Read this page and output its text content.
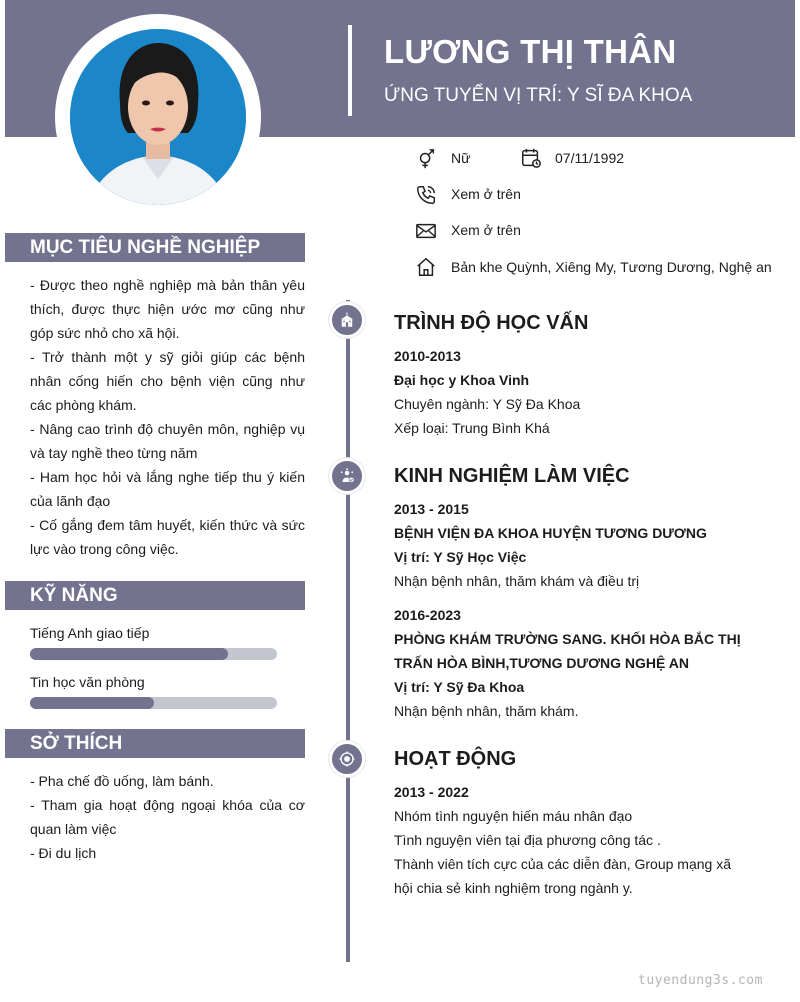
LƯƠNG THỊ THÂN
ỨNG TUYỂN VỊ TRÍ: Y SĨ ĐA KHOA
Nữ	07/11/1992
Xem ở trên
Xem ở trên
Bản khe Quỳnh, Xiêng My, Tương Dương, Nghệ an
MỤC TIÊU NGHỀ NGHIỆP

- Được theo nghề nghiệp mà bản thân yêu thích, được thực hiện ước mơ cũng như góp sức nhỏ cho xã hội.

- Trở thành một y sỹ giỏi giúp các bệnh nhân cống hiến cho bệnh viện cũng như các phòng khám.

- Nâng cao trình độ chuyên môn, nghiệp vụ và tay nghề theo từng năm

- Ham học hỏi và lắng nghe tiếp thu ý kiến của lãnh đạo

- Cố gắng đem tâm huyết, kiến thức và sức lực vào trong công việc.

KỸ NĂNG
Tiếng Anh giao tiếp
Tin học văn phòng
SỞ THÍCH

- Pha chế đồ uống, làm bánh.

- Tham gia hoạt động ngoại khóa của cơ quan làm việc

- Đi du lịch

TRÌNH ĐỘ HỌC VẤN
2010-2013
Đại học y Khoa Vinh
Chuyên ngành: Y Sỹ Đa Khoa
Xếp loại: Trung Bình Khá
KINH NGHIỆM LÀM VIỆC
2013 - 2015
BỆNH VIỆN ĐA KHOA HUYỆN TƯƠNG DƯƠNG
Vị trí: Y Sỹ Học Việc
Nhận bệnh nhân, thăm khám và điều trị
2016-2023
PHÒNG KHÁM TRƯỜNG SANG. KHỐI HÒA BẮC THỊ
TRẤN HÒA BÌNH,TƯƠNG DƯƠNG NGHỆ AN
Vị trí: Y Sỹ Đa Khoa
Nhận bệnh nhân, thăm khám.
HOẠT ĐỘNG
2013 - 2022
Nhóm tình nguyện hiến máu nhân đạo
Tình nguyện viên tại địa phương công tác .
Thành viên tích cực của các diễn đàn, Group mạng xã
hội chia sẻ kinh nghiệm trong ngành y.
tuyendung3s.com
